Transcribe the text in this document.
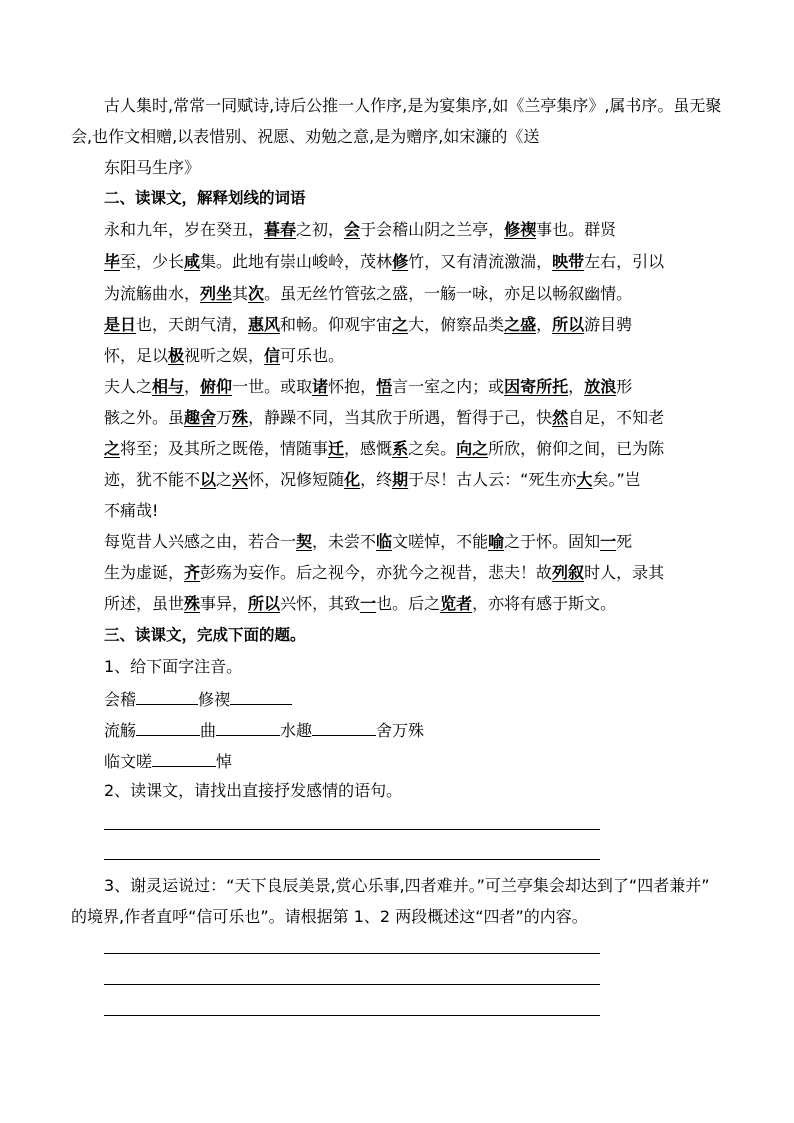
古人集时,常常一同赋诗,诗后公推一人作序,是为宴集序,如《兰亭集序》,属书序。虽无聚
会,也作文相赠,以表惜别、祝愿、劝勉之意,是为赠序,如宋濂的《送
东阳马生序》
二、读课文，解释划线的词语
永和九年，岁在癸丑，暮春之初，会于会稽山阴之兰亭，修禊事也。群贤
毕至，少长咸集。此地有崇山峻岭，茂林修竹，又有清流激湍，映带左右，引以
为流觞曲水，列坐其次。虽无丝竹管弦之盛，一觞一咏，亦足以畅叙幽情。
是日也，天朗气清，惠风和畅。仰观宇宙之大，俯察品类之盛，所以游目骋
怀，足以极视听之娱，信可乐也。
夫人之相与，俯仰一世。或取诸怀抱，悟言一室之内；或因寄所托，放浪形
骸之外。虽趣舍万殊，静躁不同，当其欣于所遇，暂得于己，快然自足，不知老
之将至；及其所之既倦，情随事迁，感慨系之矣。向之所欣，俯仰之间，已为陈
迹，犹不能不以之兴怀，况修短随化，终期于尽！古人云：“死生亦大矣。”岂
不痛哉!
每览昔人兴感之由，若合一契，未尝不临文嗟悼，不能喻之于怀。固知一死
生为虚诞，齐彭殇为妄作。后之视今，亦犹今之视昔，悲夫！故列叙时人，录其
所述，虽世殊事异，所以兴怀，其致一也。后之览者，亦将有感于斯文。
三、读课文，完成下面的题。
1、给下面字注音。
会稽	修禊
流觞	曲	水趣	舍万殊
临文嗟	悼
2、读课文，请找出直接抒发感情的语句。
3、谢灵运说过：“天下良辰美景,赏心乐事,四者难并。”可兰亭集会却达到了“四者兼并”
的境界,作者直呼“信可乐也”。请根据第 1、2 两段概述这“四者”的内容。
